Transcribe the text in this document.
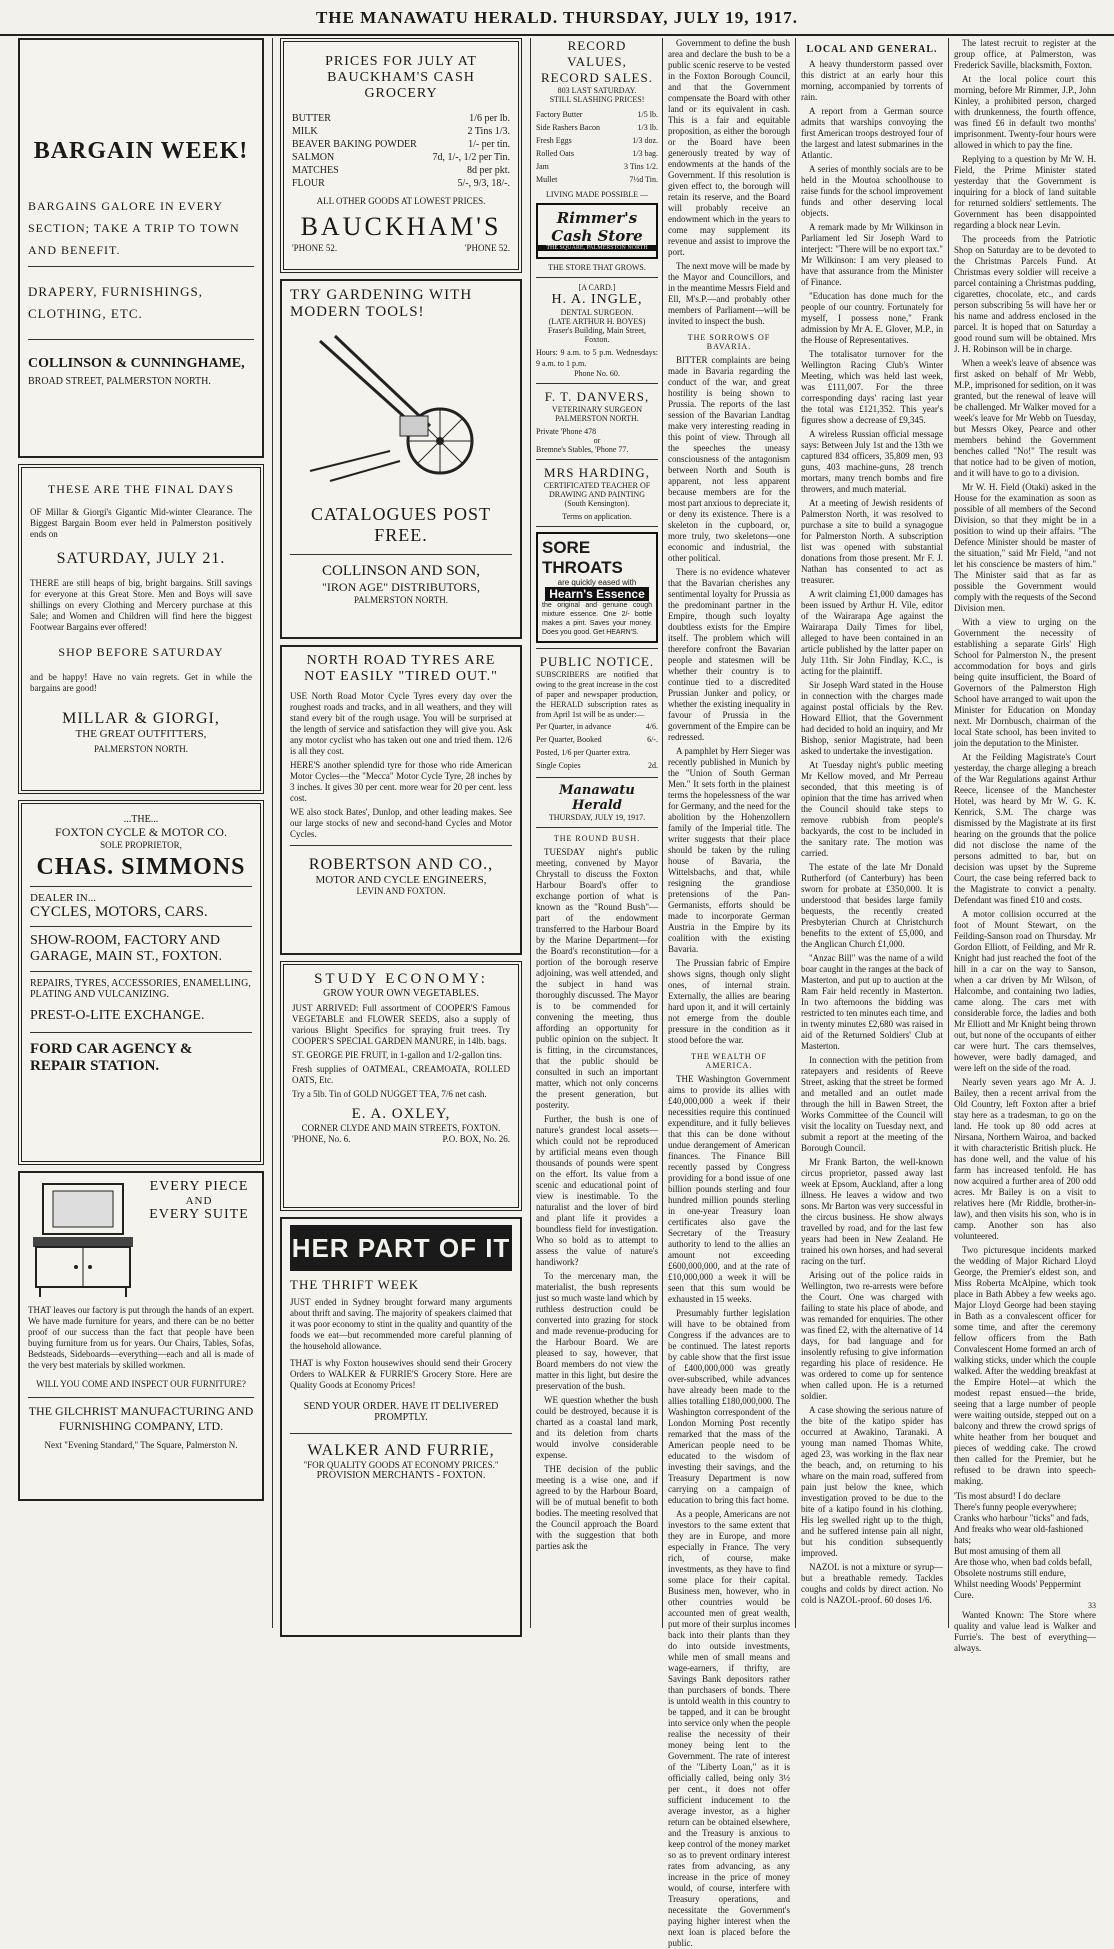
THE MANAWATU HERALD. THURSDAY, JULY 19, 1917.
BARGAIN WEEK!
BARGAINS GALORE IN EVERY SECTION; TAKE A TRIP TO TOWN AND BENEFIT.
DRAPERY, FURNISHINGS, CLOTHING, ETC.
COLLINSON & CUNNINGHAME,
BROAD STREET, PALMERSTON NORTH.
THESE ARE THE FINAL DAYS
OF Millar & Giorgi's Gigantic Mid-winter Clearance. The Biggest Bargain Boom ever held in Palmerston positively ends on
SATURDAY, JULY 21.
THERE are still heaps of big, bright bargains. Still savings for everyone at this Great Store. Men and Boys will save shillings on every Clothing and Mercery purchase at this Sale; and Women and Children will find here the biggest Footwear Bargains ever offered!
SHOP BEFORE SATURDAY
and be happy! Have no vain regrets. Get in while the bargains are good!
MILLAR & GIORGI,
THE GREAT OUTFITTERS,
PALMERSTON NORTH.
...THE...
FOXTON CYCLE & MOTOR CO.
SOLE PROPRIETOR,
CHAS. SIMMONS
DEALER IN...
CYCLES, MOTORS, CARS.
SHOW-ROOM, FACTORY AND GARAGE, MAIN ST., FOXTON.
REPAIRS, TYRES, ACCESSORIES, ENAMELLING, PLATING AND VULCANIZING.
PREST-O-LITE EXCHANGE.
FORD CAR AGENCY & REPAIR STATION.
EVERY PIECE
AND
EVERY SUITE
THAT leaves our factory is put through the hands of an expert. We have made furniture for years, and there can be no better proof of our success than the fact that people have been buying furniture from us for years. Our Chairs, Tables, Sofas, Bedsteads, Sideboards—everything—each and all is made of the very best materials by skilled workmen.
WILL YOU COME AND INSPECT OUR FURNITURE?
THE GILCHRIST MANUFACTURING AND FURNISHING COMPANY, LTD.
Next "Evening Standard," The Square, Palmerston N.
PRICES FOR JULY AT BAUCKHAM'S CASH GROCERY
BUTTER	1/6 per lb.
MILK	2 Tins 1/3.
BEAVER BAKING POWDER	1/- per tin.
SALMON	7d, 1/-, 1/2 per Tin.
MATCHES	8d per pkt.
FLOUR	5/-, 9/3, 18/-.
ALL OTHER GOODS AT LOWEST PRICES.
BAUCKHAM'S
'PHONE 52.	'PHONE 52.
TRY GARDENING WITH MODERN TOOLS!
CATALOGUES POST FREE.
COLLINSON AND SON,
"IRON AGE" DISTRIBUTORS,
PALMERSTON NORTH.
NORTH ROAD TYRES ARE NOT EASILY "TIRED OUT."
USE North Road Motor Cycle Tyres every day over the roughest roads and tracks, and in all weathers, and they will stand every bit of the rough usage. You will be surprised at the length of service and satisfaction they will give you. Ask any motor cyclist who has taken out one and tried them. 12/6 is all they cost.
HERE'S another splendid tyre for those who ride American Motor Cycles—the "Mecca" Motor Cycle Tyre, 28 inches by 3 inches. It gives 30 per cent. more wear for 20 per cent. less cost.
WE also stock Bates', Dunlop, and other leading makes. See our large stocks of new and second-hand Cycles and Motor Cycles.
ROBERTSON AND CO.,
MOTOR AND CYCLE ENGINEERS,
LEVIN AND FOXTON.
STUDY ECONOMY:
GROW YOUR OWN VEGETABLES.
JUST ARRIVED: Full assortment of COOPER'S Famous VEGETABLE and FLOWER SEEDS, also a supply of various Blight Specifics for spraying fruit trees. Try COOPER'S SPECIAL GARDEN MANURE, in 14lb. bags.
ST. GEORGE PIE FRUIT, in 1-gallon and 1/2-gallon tins.
Fresh supplies of OATMEAL, CREAMOATA, ROLLED OATS, Etc.
Try a 5lb. Tin of GOLD NUGGET TEA, 7/6 net cash.
E. A. OXLEY,
CORNER CLYDE AND MAIN STREETS, FOXTON.
'PHONE, No. 6.	P.O. BOX, No. 26.
HER PART OF IT
THE THRIFT WEEK
JUST ended in Sydney brought forward many arguments about thrift and saving. The majority of speakers claimed that it was poor economy to stint in the quality and quantity of the foods we eat—but recommended more careful planning of the household allowance.
THAT is why Foxton housewives should send their Grocery Orders to WALKER & FURRIE'S Grocery Store. Here are Quality Goods at Economy Prices!
SEND YOUR ORDER. HAVE IT DELIVERED PROMPTLY.
WALKER AND FURRIE,
"FOR QUALITY GOODS AT ECONOMY PRICES."
PROVISION MERCHANTS - FOXTON.
RECORD VALUES, RECORD SALES.
803 LAST SATURDAY.
STILL SLASHING PRICES!
Factory Butter	1/5 lb.
Side Rashers Bacon	1/3 lb.
Fresh Eggs	1/3 doz.
Rolled Oats	1/3 bag.
Jam	3 Tins 1/2.
Mullet	7½d Tin.
LIVING MADE POSSIBLE —
Rimmer's Cash Store
THE SQUARE, PALMERSTON NORTH
THE STORE THAT GROWS.
[A CARD.]
H. A. INGLE,
DENTAL SURGEON.
(LATE ARTHUR H. BOYES)
Fraser's Building, Main Street, Foxton.
Hours: 9 a.m. to 5 p.m. Wednesdays: 9 a.m. to 1 p.m.
Phone No. 60.
F. T. DANVERS,
VETERINARY SURGEON
PALMERSTON NORTH.
Private 'Phone 478
or
Bremne's Stables, 'Phone 77.
MRS HARDING,
CERTIFICATED TEACHER OF DRAWING AND PAINTING
(South Kensington).
Terms on application.
SORE THROATS
are quickly eased with
Hearn's Essence
the original and genuine cough mixture essence. One 2/- bottle makes a pint. Saves your money. Does you good. Get HEARN'S.
PUBLIC NOTICE.
SUBSCRIBERS are notified that owing to the great increase in the cost of paper and newspaper production, the HERALD subscription rates as from April 1st will be as under:—
Per Quarter, in advance	4/6.
Per Quarter, Booked	6/-.
Posted, 1/6 per Quarter extra.
Single Copies	2d.
Manawatu Herald
THURSDAY, JULY 19, 1917.
THE ROUND BUSH.

TUESDAY night's public meeting, convened by Mayor Chrystall to discuss the Foxton Harbour Board's offer to exchange portion of what is known as the "Round Bush"—part of the endowment transferred to the Harbour Board by the Marine Department—for the Board's reconstitution—for a portion of the borough reserve adjoining, was well attended, and the subject in hand was thoroughly discussed. The Mayor is to be commended for convening the meeting, thus affording an opportunity for public opinion on the subject. It is fitting, in the circumstances, that the public should be consulted in such an important matter, which not only concerns the present generation, but posterity.

Further, the bush is one of nature's grandest local assets—which could not be reproduced by artificial means even though thousands of pounds were spent on the effort. Its value from a scenic and educational point of view is inestimable. To the naturalist and the lover of bird and plant life it provides a boundless field for investigation. Who so bold as to attempt to assess the value of nature's handiwork?

To the mercenary man, the materialist, the bush represents just so much waste land which by ruthless destruction could be converted into grazing for stock and made revenue-producing for the Harbour Board. We are pleased to say, however, that Board members do not view the matter in this light, but desire the preservation of the bush.

WE question whether the bush could be destroyed, because it is charted as a coastal land mark, and its deletion from charts would involve considerable expense.

THE decision of the public meeting is a wise one, and if agreed to by the Harbour Board, will be of mutual benefit to both bodies. The meeting resolved that the Council approach the Board with the suggestion that both parties ask the

Government to define the bush area and declare the bush to be a public scenic reserve to be vested in the Foxton Borough Council, and that the Government compensate the Board with other land or its equivalent in cash. This is a fair and equitable proposition, as either the borough or the Board have been generously treated by way of endowments at the hands of the Government. If this resolution is given effect to, the borough will retain its reserve, and the Board will probably receive an endowment which in the years to come may supplement its revenue and assist to improve the port.

The next move will be made by the Mayor and Councillors, and in the meantime Messrs Field and Ell, M's.P.—and probably other members of Parliament—will be invited to inspect the bush.

THE SORROWS OF BAVARIA.

BITTER complaints are being made in Bavaria regarding the conduct of the war, and great hostility is being shown to Prussia. The reports of the last session of the Bavarian Landtag make very interesting reading in this point of view. Through all the speeches the uneasy consciousness of the antagonism between North and South is apparent, not less apparent because members are for the most part anxious to depreciate it, or deny its existence. There is a skeleton in the cupboard, or, more truly, two skeletons—one economic and industrial, the other political.

There is no evidence whatever that the Bavarian cherishes any sentimental loyalty for Prussia as the predominant partner in the Empire, though such loyalty doubtless exists for the Empire itself. The problem which will therefore confront the Bavarian people and statesmen will be whether their country is to continue tied to a discredited Prussian Junker and policy, or whether the existing inequality in favour of Prussia in the government of the Empire can be redressed.

A pamphlet by Herr Sieger was recently published in Munich by the "Union of South German Men." It sets forth in the plainest terms the hopelessness of the war for Germany, and the need for the abolition by the Hohenzollern family of the Imperial title. The writer suggests that their place should be taken by the ruling house of Bavaria, the Wittelsbachs, and that, while resigning the grandiose pretensions of the Pan-Germanists, efforts should be made to incorporate German Austria in the Empire by its coalition with the existing Bavaria.

The Prussian fabric of Empire shows signs, though only slight ones, of internal strain. Externally, the allies are bearing hard upon it, and it will certainly not emerge from the double pressure in the condition as it stood before the war.

THE WEALTH OF AMERICA.

THE Washington Government aims to provide its allies with £40,000,000 a week if their necessities require this continued expenditure, and it fully believes that this can be done without undue derangement of American finances. The Finance Bill recently passed by Congress providing for a bond issue of one billion pounds sterling and four hundred million pounds sterling in one-year Treasury loan certificates also gave the Secretary of the Treasury authority to lend to the allies an amount not exceeding £600,000,000, and at the rate of £10,000,000 a week it will be seen that this sum would be exhausted in 15 weeks.

Presumably further legislation will have to be obtained from Congress if the advances are to be continued. The latest reports by cable show that the first issue of £400,000,000 was greatly over-subscribed, while advances have already been made to the allies totalling £180,000,000. The Washington correspondent of the London Morning Post recently remarked that the mass of the American people need to be educated to the wisdom of investing their savings, and the Treasury Department is now carrying on a campaign of education to bring this fact home.

As a people, Americans are not investors to the same extent that they are in Europe, and more especially in France. The very rich, of course, make investments, as they have to find some place for their capital. Business men, however, who in other countries would be accounted men of great wealth, put more of their surplus incomes back into their plants than they do into outside investments, while men of small means and wage-earners, if thrifty, are Savings Bank depositors rather than purchasers of bonds. There is untold wealth in this country to be tapped, and it can be brought into service only when the people realise the necessity of their money being lent to the Government. The rate of interest of the "Liberty Loan," as it is officially called, being only 3½ per cent., it does not offer sufficient inducement to the average investor, as a higher return can be obtained elsewhere, and the Treasury is anxious to keep control of the money market so as to prevent ordinary interest rates from advancing, as any increase in the price of money would, of course, interfere with Treasury operations, and necessitate the Government's paying higher interest when the next loan is placed before the public.

LOCAL AND GENERAL.

A heavy thunderstorm passed over this district at an early hour this morning, accompanied by torrents of rain.

A report from a German source admits that warships convoying the first American troops destroyed four of the largest and latest submarines in the Atlantic.

A series of monthly socials are to be held in the Moutoa schoolhouse to raise funds for the school improvement funds and other deserving local objects.

A remark made by Mr Wilkinson in Parliament led Sir Joseph Ward to interject: "There will be no export tax." Mr Wilkinson: I am very pleased to have that assurance from the Minister of Finance.

"Education has done much for the people of our country. Fortunately for myself, I possess none," Frank admission by Mr A. E. Glover, M.P., in the House of Representatives.

The totalisator turnover for the Wellington Racing Club's Winter Meeting, which was held last week, was £111,007. For the three corresponding days' racing last year the total was £121,352. This year's figures show a decrease of £9,345.

A wireless Russian official message says: Between July 1st and the 13th we captured 834 officers, 35,809 men, 93 guns, 403 machine-guns, 28 trench mortars, many trench bombs and fire throwers, and much material.

At a meeting of Jewish residents of Palmerston North, it was resolved to purchase a site to build a synagogue for Palmerston North. A subscription list was opened with substantial donations from those present. Mr F. J. Nathan has consented to act as treasurer.

A writ claiming £1,000 damages has been issued by Arthur H. Vile, editor of the Wairarapa Age against the Wairarapa Daily Times for libel, alleged to have been contained in an article published by the latter paper on July 11th. Sir John Findlay, K.C., is acting for the plaintiff.

Sir Joseph Ward stated in the House in connection with the charges made against postal officials by the Rev. Howard Elliot, that the Government had decided to hold an inquiry, and Mr Bishop, senior Magistrate, had been asked to undertake the investigation.

At Tuesday night's public meeting Mr Kellow moved, and Mr Perreau seconded, that this meeting is of opinion that the time has arrived when the Council should take steps to remove rubbish from people's backyards, the cost to be included in the sanitary rate. The motion was carried.

The estate of the late Mr Donald Rutherford (of Canterbury) has been sworn for probate at £350,000. It is understood that besides large family bequests, the recently created Presbyterian Church at Christchurch benefits to the extent of £5,000, and the Anglican Church £1,000.

"Anzac Bill" was the name of a wild boar caught in the ranges at the back of Masterton, and put up to auction at the Ram Fair held recently in Masterton. In two afternoons the bidding was restricted to ten minutes each time, and in twenty minutes £2,680 was raised in aid of the Returned Soldiers' Club at Masterton.

In connection with the petition from ratepayers and residents of Reeve Street, asking that the street be formed and metalled and an outlet made through the hill in Bawen Street, the Works Committee of the Council will visit the locality on Tuesday next, and submit a report at the meeting of the Borough Council.

Mr Frank Barton, the well-known circus proprietor, passed away last week at Epsom, Auckland, after a long illness. He leaves a widow and two sons. Mr Barton was very successful in the circus business. He show always travelled by road, and for the last few years had been in New Zealand. He trained his own horses, and had several racing on the turf.

Arising out of the police raids in Wellington, two re-arrests were before the Court. One was charged with failing to state his place of abode, and was remanded for enquiries. The other was fined £2, with the alternative of 14 days, for bad language and for insolently refusing to give information regarding his place of residence. He was ordered to come up for sentence when called upon. He is a returned soldier.

A case showing the serious nature of the bite of the katipo spider has occurred at Awakino, Taranaki. A young man named Thomas White, aged 23, was working in the flax near the beach, and, on returning to his whare on the main road, suffered from pain just below the knee, which investigation proved to be due to the bite of a katipo found in his clothing. His leg swelled right up to the thigh, and he suffered intense pain all night, but his condition subsequently improved.

NAZOL is not a mixture or syrup—but a breathable remedy. Tackles coughs and colds by direct action. No cold is NAZOL-proof. 60 doses 1/6.

The latest recruit to register at the group office, at Palmerston, was Frederick Saville, blacksmith, Foxton.

At the local police court this morning, before Mr Rimmer, J.P., John Kinley, a prohibited person, charged with drunkenness, the fourth offence, was fined £6 in default two months' imprisonment. Twenty-four hours were allowed in which to pay the fine.

Replying to a question by Mr W. H. Field, the Prime Minister stated yesterday that the Government is inquiring for a block of land suitable for returned soldiers' settlements. The Government has been disappointed regarding a block near Levin.

The proceeds from the Patriotic Shop on Saturday are to be devoted to the Christmas Parcels Fund. At Christmas every soldier will receive a parcel containing a Christmas pudding, cigarettes, chocolate, etc., and cards person subscribing 5s will have her or his name and address enclosed in the parcel. It is hoped that on Saturday a good round sum will be obtained. Mrs J. H. Robinson will be in charge.

When a week's leave of absence was first asked on behalf of Mr Webb, M.P., imprisoned for sedition, on it was granted, but the renewal of leave will be challenged. Mr Walker moved for a week's leave for Mr Webb on Tuesday, but Messrs Okey, Pearce and other members behind the Government benches called "No!" The result was that notice had to be given of motion, and it will have to go to a division.

Mr W. H. Field (Otaki) asked in the House for the examination as soon as possible of all members of the Second Division, so that they might be in a position to wind up their affairs. "The Defence Minister should be master of the situation," said Mr Field, "and not let his conscience be masters of him." The Minister said that as far as possible the Government would comply with the requests of the Second Division men.

With a view to urging on the Government the necessity of establishing a separate Girls' High School for Palmerston N., the present accommodation for boys and girls being quite insufficient, the Board of Governors of the Palmerston High School have arranged to wait upon the Minister for Education on Monday next. Mr Dornbusch, chairman of the local State school, has been invited to join the deputation to the Minister.

At the Feilding Magistrate's Court yesterday, the charge alleging a breach of the War Regulations against Arthur Reece, licensee of the Manchester Hotel, was heard by Mr W. G. K. Kenrick, S.M. The charge was dismissed by the Magistrate at its first hearing on the grounds that the police did not disclose the name of the persons admitted to bar, but on decision was upset by the Supreme Court, the case being referred back to the Magistrate to convict a penalty. Defendant was fined £10 and costs.

A motor collision occurred at the foot of Mount Stewart, on the Feilding-Sanson road on Thursday. Mr Gordon Elliott, of Feilding, and Mr R. Knight had just reached the foot of the hill in a car on the way to Sanson, when a car driven by Mr Wilson, of Halcombe, and containing two ladies, came along. The cars met with considerable force, the ladies and both Mr Elliott and Mr Knight being thrown out, but none of the occupants of either car were hurt. The cars themselves, however, were badly damaged, and were left on the side of the road.

Nearly seven years ago Mr A. J. Bailey, then a recent arrival from the Old Country, left Foxton after a brief stay here as a tradesman, to go on the land. He took up 80 odd acres at Nirsana, Northern Wairoa, and backed it with characteristic British pluck. He has done well, and the value of his farm has increased tenfold. He has now acquired a further area of 200 odd acres. Mr Bailey is on a visit to relatives here (Mr Riddle, brother-in-law), and then visits his son, who is in camp. Another son has also volunteered.

Two picturesque incidents marked the wedding of Major Richard Lloyd George, the Premier's eldest son, and Miss Roberta McAlpine, which took place in Bath Abbey a few weeks ago. Major Lloyd George had been staying in Bath as a convalescent officer for some time, and after the ceremony fellow officers from the Bath Convalescent Home formed an arch of walking sticks, under which the couple walked. After the wedding breakfast at the Empire Hotel—at which the modest repast ensued—the bride, seeing that a large number of people were waiting outside, stepped out on a balcony and threw the crowd sprigs of white heather from her bouquet and pieces of wedding cake. The crowd then called for the Premier, but he refused to be drawn into speech-making.

'Tis most absurd! I do declare
There's funny people everywhere;
Cranks who harbour "ticks" and fads,
And freaks who wear old-fashioned hats;
But most amusing of them all
Are those who, when bad colds befall,
Obsolete nostrums still endure,
Whilst needing Woods' Peppermint Cure.
33

Wanted Known: The Store where quality and value lead is Walker and Furrie's. The best of everything—always.
